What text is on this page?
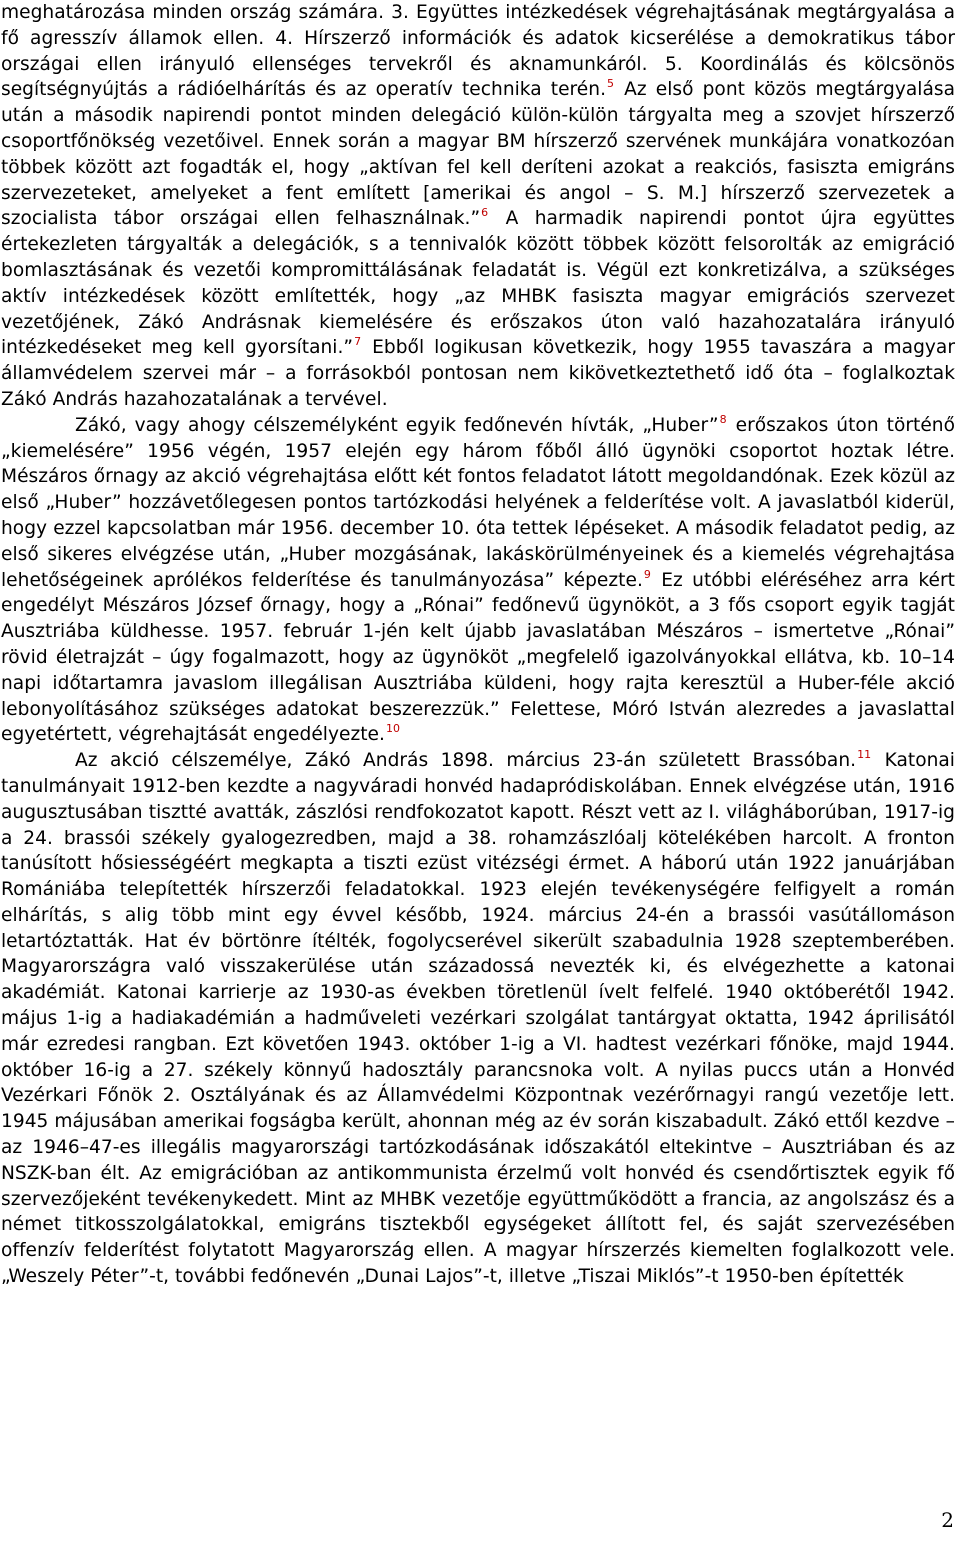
meghatározása minden ország számára. 3. Együttes intézkedések végrehajtásának megtárgyalása a fő agresszív államok ellen. 4. Hírszerző információk és adatok kicserélése a demokratikus tábor országai ellen irányuló ellenséges tervekről és aknamunkáról. 5. Koordinálás és kölcsönös segítségnyújtás a rádióelhárítás és az operatív technika terén.$^5$ Az első pont közös megtárgyalása után a második napirendi pontot minden delegáció külön-külön tárgyalta meg a szovjet hírszerző csoportfőnökség vezetőivel. Ennek során a magyar BM hírszerző szervének munkájára vonatkozóan többek között azt fogadták el, hogy „aktívan fel kell deríteni azokat a reakciós, fasiszta emigráns szervezeteket, amelyeket a fent említett [amerikai és angol – S. M.] hírszerző szervezetek a szocialista tábor országai ellen felhasználnak.”$^6$ A harmadik napirendi pontot újra együttes értekezleten tárgyalták a delegációk, s a tennivalók között többek között felsorolták az emigráció bomlasztásának és vezetői kompromittálásának feladatát is. Végül ezt konkretizálva, a szükséges aktív intézkedések között említették, hogy „az MHBK fasiszta magyar emigrációs szervezet vezetőjének, Zákó Andrásnak kiemelésére és erőszakos úton való hazahozatalára irányuló intézkedéseket meg kell gyorsítani.”$^7$ Ebből logikusan következik, hogy 1955 tavaszára a magyar államvédelem szervei már – a forrásokból pontosan nem kikövetkeztethető idő óta – foglalkoztak Zákó András hazahozatalának a tervével.

Zákó, vagy ahogy célszemélyként egyik fedőnevén hívták, „Huber”$^8$ erőszakos úton történő „kiemelésére” 1956 végén, 1957 elején egy három főből álló ügynöki csoportot hoztak létre. Mészáros őrnagy az akció végrehajtása előtt két fontos feladatot látott megoldandónak. Ezek közül az első „Huber” hozzávetőlegesen pontos tartózkodási helyének a felderítése volt. A javaslatból kiderül, hogy ezzel kapcsolatban már 1956. december 10. óta tettek lépéseket. A második feladatot pedig, az első sikeres elvégzése után, „Huber mozgásának, lakáskörülményeinek és a kiemelés végrehajtása lehetőségeinek aprólékos felderítése és tanulmányozása” képezte.$^9$ Ez utóbbi eléréséhez arra kért engedélyt Mészáros József őrnagy, hogy a „Rónai” fedőnevű ügynököt, a 3 fős csoport egyik tagját Ausztriába küldhesse. 1957. február 1-jén kelt újabb javaslatában Mészáros – ismertetve „Rónai” rövid életrajzát – úgy fogalmazott, hogy az ügynököt „megfelelő igazolványokkal ellátva, kb. 10–14 napi időtartamra javaslom illegálisan Ausztriába küldeni, hogy rajta keresztül a Huber-féle akció lebonyolításához szükséges adatokat beszerezzük.” Felettese, Móró István alezredes a javaslattal egyetértett, végrehajtását engedélyezte.$^{10}$

Az akció célszemélye, Zákó András 1898. március 23-án született Brassóban.$^{11}$ Katonai tanulmányait 1912-ben kezdte a nagyváradi honvéd hadapródiskolában. Ennek elvégzése után, 1916 augusztusában tisztté avatták, zászlósi rendfokozatot kapott. Részt vett az I. világháborúban, 1917-ig a 24. brassói székely gyalogezredben, majd a 38. rohamzászlóalj kötelékében harcolt. A fronton tanúsított hősiességéért megkapta a tiszti ezüst vitézségi érmet. A háború után 1922 januárjában Romániába telepítették hírszerzői feladatokkal. 1923 elején tevékenységére felfigyelt a román elhárítás, s alig több mint egy évvel később, 1924. március 24-én a brassói vasútállomáson letartóztatták. Hat év börtönre ítélték, fogolycserével sikerült szabadulnia 1928 szeptemberében. Magyarországra való visszakerülése után századossá nevezték ki, és elvégezhette a katonai akadémiát. Katonai karrierje az 1930-as években töretlenül ívelt felfelé. 1940 októberétől 1942. május 1-ig a hadiakadémián a hadműveleti vezérkari szolgálat tantárgyat oktatta, 1942 áprilisától már ezredesi rangban. Ezt követően 1943. október 1-ig a VI. hadtest vezérkari főnöke, majd 1944. október 16-ig a 27. székely könnyű hadosztály parancsnoka volt. A nyilas puccs után a Honvéd Vezérkari Főnök 2. Osztályának és az Államvédelmi Központnak vezérőrnagyi rangú vezetője lett. 1945 májusában amerikai fogságba került, ahonnan még az év során kiszabadult. Zákó ettől kezdve – az 1946–47-es illegális magyarországi tartózkodásának időszakától eltekintve – Ausztriában és az NSZK-ban élt. Az emigrációban az antikommunista érzelmű volt honvéd és csendőrtisztek egyik fő szervezőjeként tevékenykedett. Mint az MHBK vezetője együttműködött a francia, az angolszász és a német titkosszolgálatokkal, emigráns tisztekből egységeket állított fel, és saját szervezésében offenzív felderítést folytatott Magyarország ellen. A magyar hírszerzés kiemelten foglalkozott vele. „Weszely Péter”-t, további fedőnevén „Dunai Lajos”-t, illetve „Tiszai Miklós”-t 1950-ben építették

2
